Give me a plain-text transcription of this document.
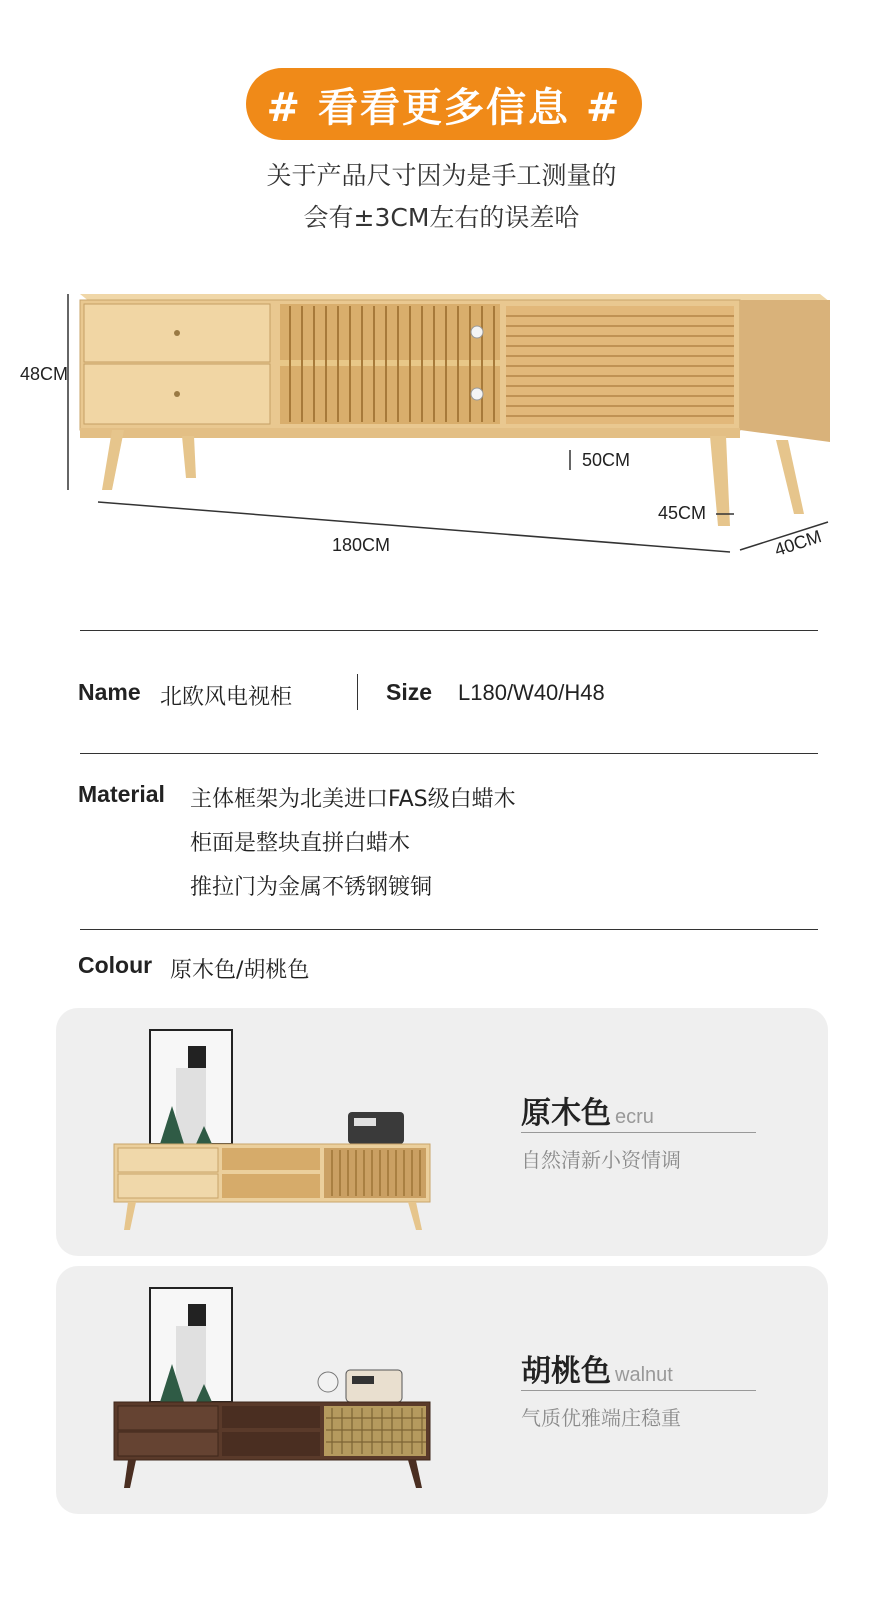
# 看看更多信息 #
关于产品尺寸因为是手工测量的
会有±3CM左右的误差哈
48CM
50CM
45CM
180CM	40CM
Name 北欧风电视柜	Size L180/W40/H48
Material 主体框架为北美进口FAS级白蜡木
柜面是整块直拼白蜡木
推拉门为金属不锈钢镀铜
Colour 原木色/胡桃色
原木色 ecru
自然清新小资情调
胡桃色 walnut
气质优雅端庄稳重
